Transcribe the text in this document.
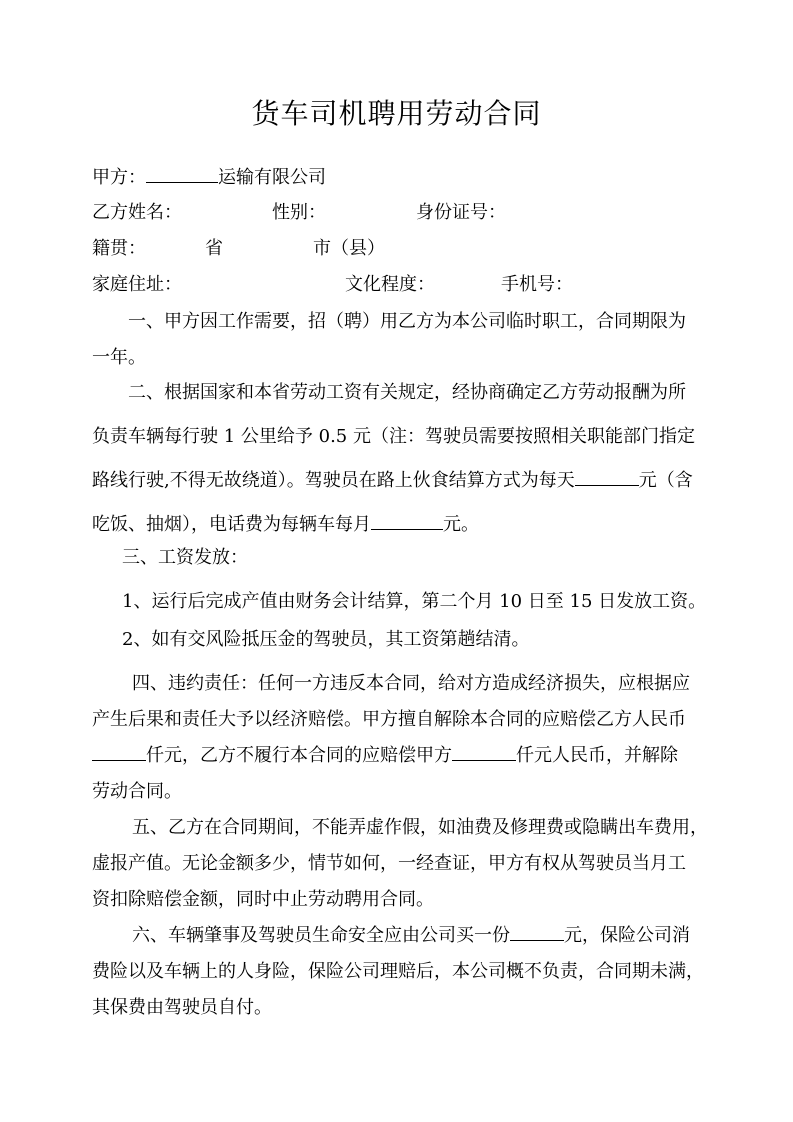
货车司机聘用劳动合同
甲方：	运输有限公司
乙方姓名：	性别：	身份证号：
籍贯：	省	市（县）
家庭住址：	文化程度：	手机号：
一、甲方因工作需要，招（聘）用乙方为本公司临时职工，合同期限为
一年。
二、根据国家和本省劳动工资有关规定，经协商确定乙方劳动报酬为所
负责车辆每行驶 1 公里给予 0.5 元（注：驾驶员需要按照相关职能部门指定
路线行驶,不得无故绕道）。驾驶员在路上伙食结算方式为每天	元（含
吃饭、抽烟），电话费为每辆车每月	元。
三、工资发放：
1、运行后完成产值由财务会计结算，第二个月 10 日至 15 日发放工资。
2、如有交风险抵压金的驾驶员，其工资第趟结清。
四、违约责任：任何一方违反本合同，给对方造成经济损失，应根据应
产生后果和责任大予以经济赔偿。甲方擅自解除本合同的应赔偿乙方人民币
仟元，乙方不履行本合同的应赔偿甲方	仟元人民币，并解除
劳动合同。
五、乙方在合同期间，不能弄虚作假，如油费及修理费或隐瞒出车费用，
虚报产值。无论金额多少，情节如何，一经查证，甲方有权从驾驶员当月工
资扣除赔偿金额，同时中止劳动聘用合同。
六、车辆肇事及驾驶员生命安全应由公司买一份	元，保险公司消
费险以及车辆上的人身险，保险公司理赔后，本公司概不负责，合同期未满，
其保费由驾驶员自付。
